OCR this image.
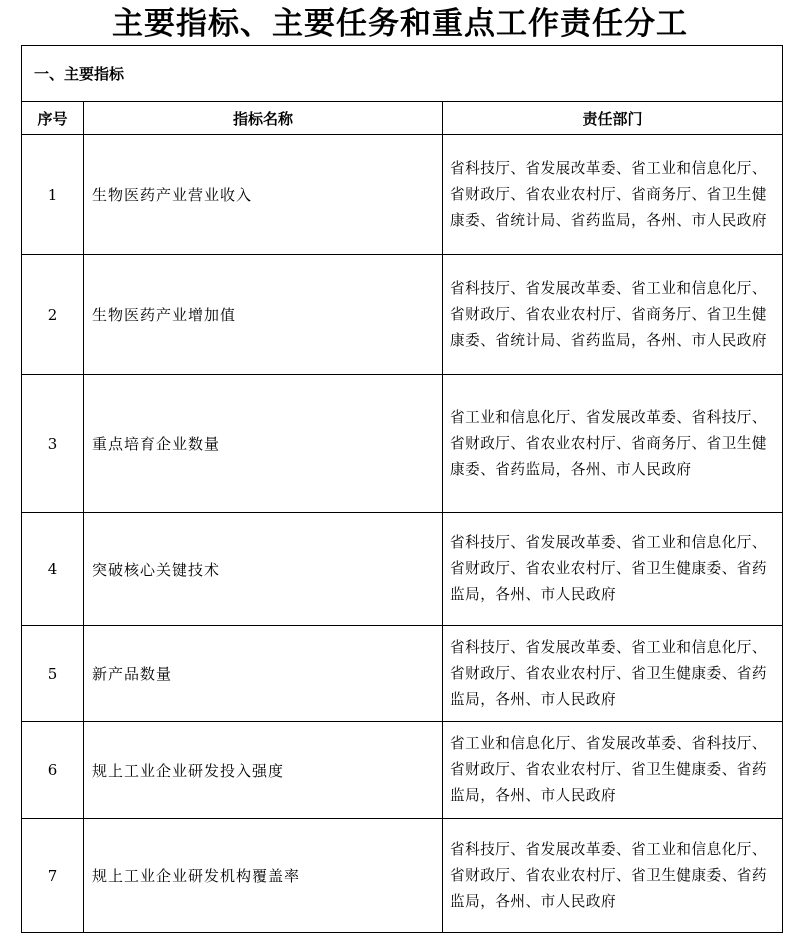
主要指标、主要任务和重点工作责任分工
一、主要指标		
序号	指标名称	责任部门
1	生物医药产业营业收入	省科技厅、省发展改革委、省工业和信息化厅、省财政厅、省农业农村厅、省商务厅、省卫生健康委、省统计局、省药监局，各州、市人民政府
2	生物医药产业增加值	省科技厅、省发展改革委、省工业和信息化厅、省财政厅、省农业农村厅、省商务厅、省卫生健康委、省统计局、省药监局，各州、市人民政府
3	重点培育企业数量	省工业和信息化厅、省发展改革委、省科技厅、省财政厅、省农业农村厅、省商务厅、省卫生健康委、省药监局，各州、市人民政府
4	突破核心关键技术	省科技厅、省发展改革委、省工业和信息化厅、省财政厅、省农业农村厅、省卫生健康委、省药监局，各州、市人民政府
5	新产品数量	省科技厅、省发展改革委、省工业和信息化厅、省财政厅、省农业农村厅、省卫生健康委、省药监局，各州、市人民政府
6	规上工业企业研发投入强度	省工业和信息化厅、省发展改革委、省科技厅、省财政厅、省农业农村厅、省卫生健康委、省药监局，各州、市人民政府
7	规上工业企业研发机构覆盖率	省科技厅、省发展改革委、省工业和信息化厅、省财政厅、省农业农村厅、省卫生健康委、省药监局，各州、市人民政府
